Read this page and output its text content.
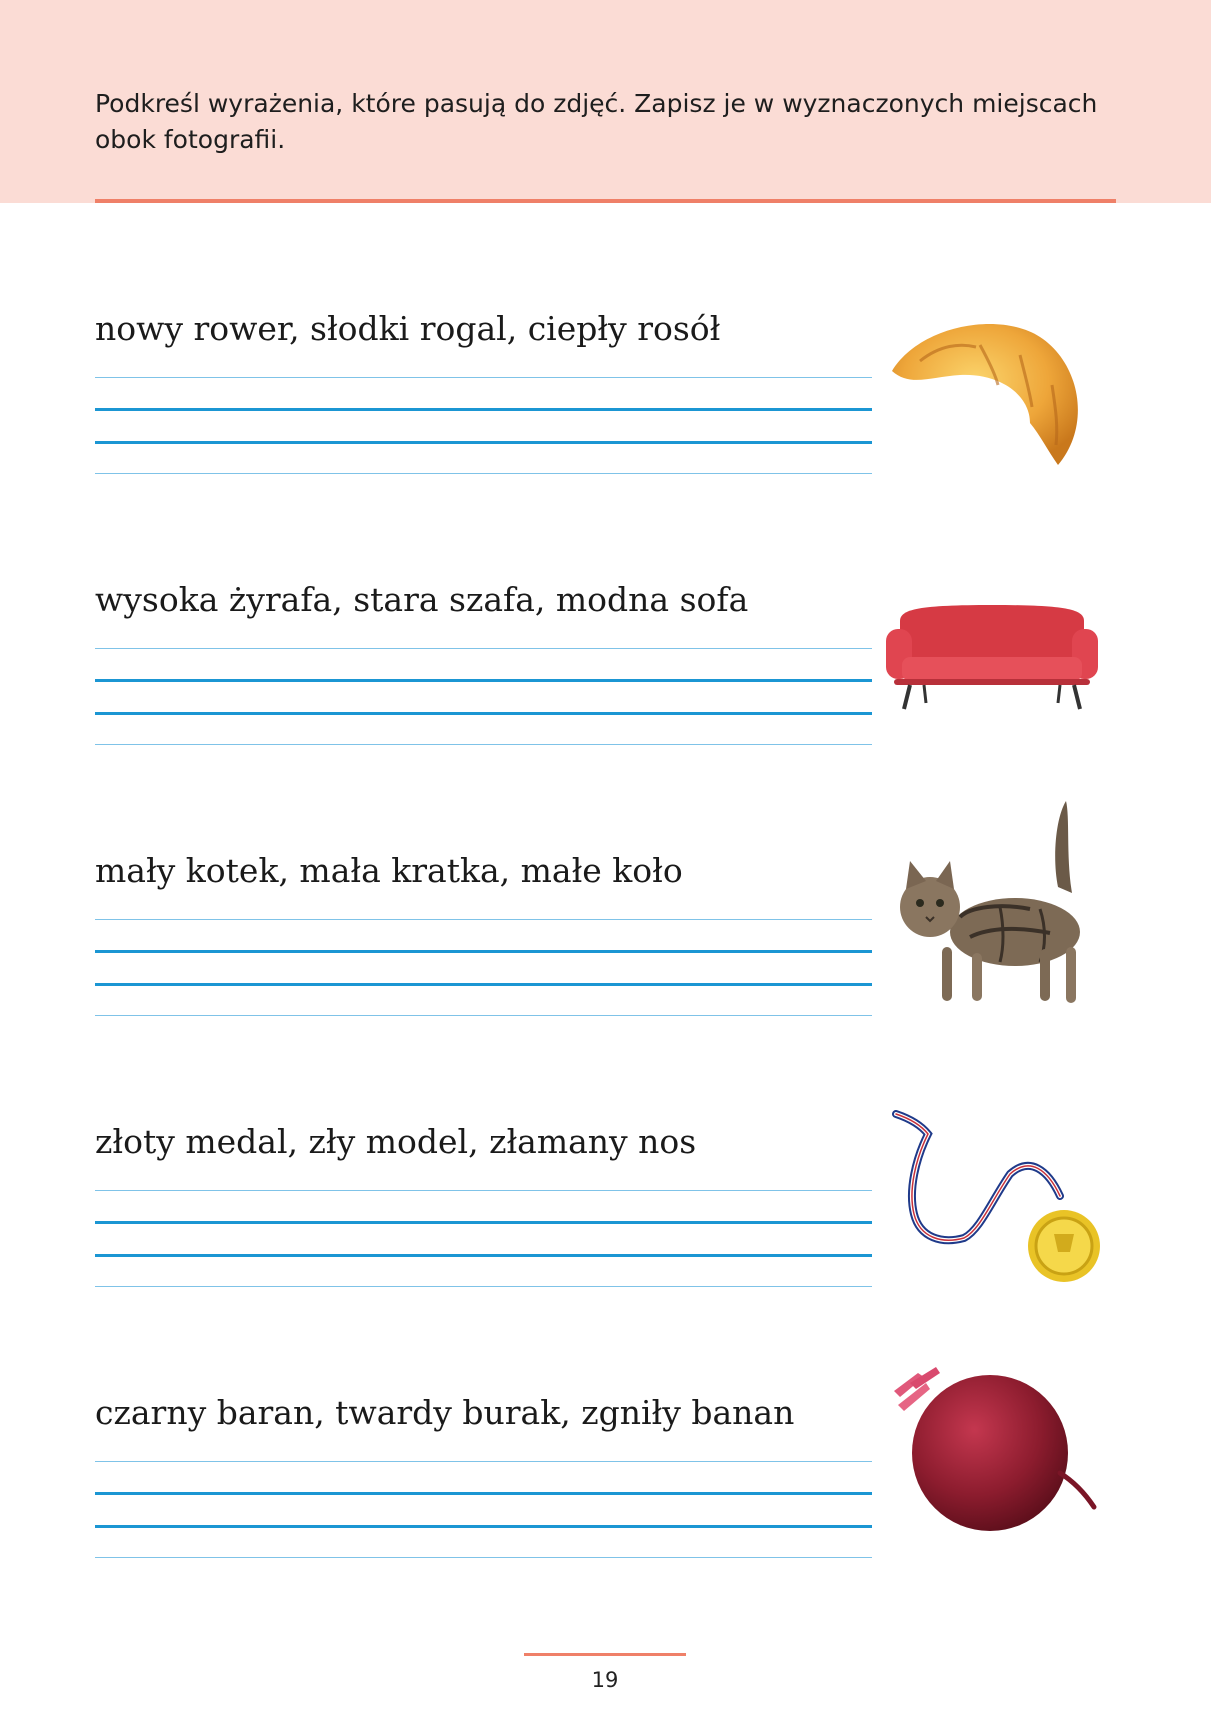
Podkreśl wyrażenia, które pasują do zdjęć. Zapisz je w wyznaczonych miejscach obok fotografii.

nowy rower, słodki rogal, ciepły rosół

wysoka żyrafa, stara szafa, modna sofa

mały kotek, mała kratka, małe koło

złoty medal, zły model, złamany nos

czarny baran, twardy burak, zgniły banan

19
